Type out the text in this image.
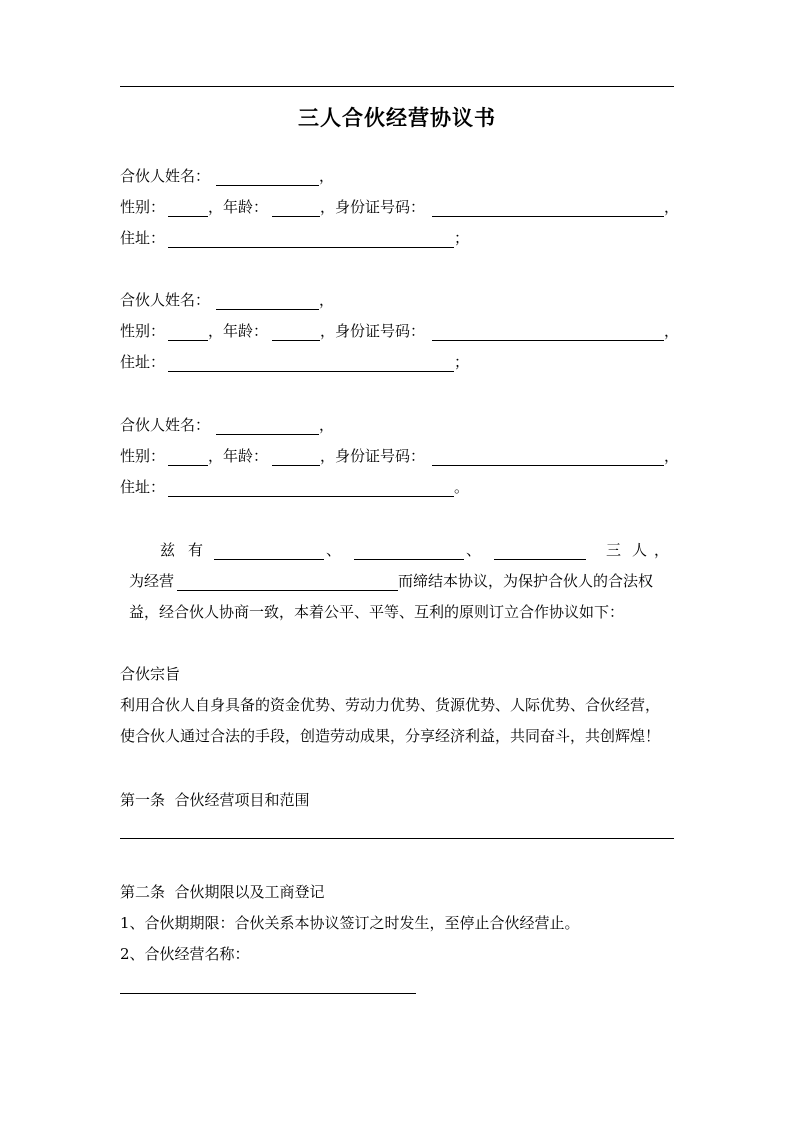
三人合伙经营协议书
合伙人姓名：	，
性别：	，年龄：	，身份证号码：	，
住址：	；
合伙人姓名：	，
性别：	，年龄：	，身份证号码：	，
住址：	；
合伙人姓名：	，
性别：	，年龄：	，身份证号码：	，
住址：	。
兹 有	、	、	三 人 ，
为经营	而缔结本协议，为保护合伙人的合法权
益，经合伙人协商一致，本着公平、平等、互利的原则订立合作协议如下：
合伙宗旨
利用合伙人自身具备的资金优势、劳动力优势、货源优势、人际优势、合伙经营，
使合伙人通过合法的手段，创造劳动成果，分享经济利益，共同奋斗，共创辉煌！
第一条  合伙经营项目和范围
第二条  合伙期限以及工商登记
1、合伙期期限：合伙关系本协议签订之时发生，至停止合伙经营止。
2、合伙经营名称：
